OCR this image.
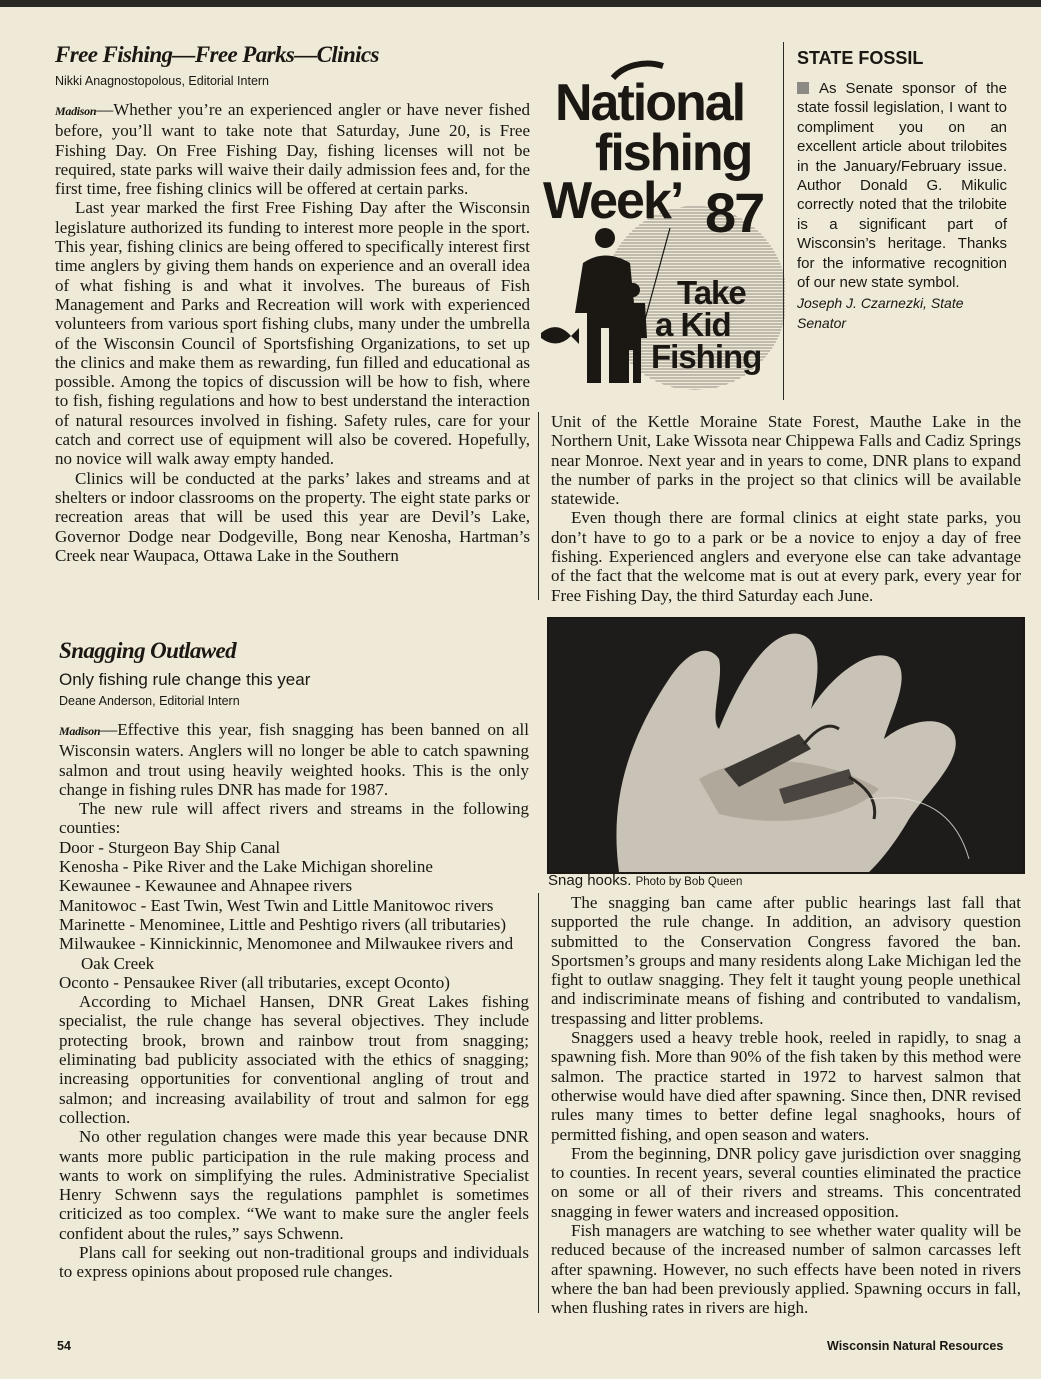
Free Fishing—Free Parks—Clinics

Nikki Anagnostopolous, Editorial Intern

Madison—Whether you’re an experienced angler or have never fished before, you’ll want to take note that Saturday, June 20, is Free Fishing Day. On Free Fishing Day, fishing licenses will not be required, state parks will waive their daily admission fees and, for the first time, free fishing clinics will be offered at certain parks.

Last year marked the first Free Fishing Day after the Wisconsin legislature authorized its funding to interest more people in the sport. This year, fishing clinics are being offered to specifically interest first time anglers by giving them hands on experience and an overall idea of what fishing is and what it involves. The bureaus of Fish Management and Parks and Recreation will work with experienced volunteers from various sport fishing clubs, many under the umbrella of the Wisconsin Council of Sportsfishing Organizations, to set up the clinics and make them as rewarding, fun filled and educational as possible. Among the topics of discussion will be how to fish, where to fish, fishing regulations and how to best understand the interaction of natural resources involved in fishing. Safety rules, care for your catch and correct use of equipment will also be covered. Hopefully, no novice will walk away empty handed.

Clinics will be conducted at the parks’ lakes and streams and at shelters or indoor classrooms on the property. The eight state parks or recreation areas that will be used this year are Devil’s Lake, Governor Dodge near Dodgeville, Bong near Kenosha, Hartman’s Creek near Waupaca, Ottawa Lake in the Southern

National
fishing
Week’ 87
Take
a Kid
Fishing
STATE FOSSIL

As Senate sponsor of the state fossil legislation, I want to compliment you on an excellent article about trilobites in the January/February issue. Author Donald G. Mikulic correctly noted that the trilobite is a significant part of Wisconsin’s heritage. Thanks for the informative recognition of our new state symbol.

Joseph J. Czarnezki, State Senator

Unit of the Kettle Moraine State Forest, Mauthe Lake in the Northern Unit, Lake Wissota near Chippewa Falls and Cadiz Springs near Monroe. Next year and in years to come, DNR plans to expand the number of parks in the project so that clinics will be available statewide.

Even though there are formal clinics at eight state parks, you don’t have to go to a park or be a novice to enjoy a day of free fishing. Experienced anglers and everyone else can take advantage of the fact that the welcome mat is out at every park, every year for Free Fishing Day, the third Saturday each June.

Snagging Outlawed

Only fishing rule change this year

Deane Anderson, Editorial Intern

Madison—Effective this year, fish snagging has been banned on all Wisconsin waters. Anglers will no longer be able to catch spawning salmon and trout using heavily weighted hooks. This is the only change in fishing rules DNR has made for 1987.

The new rule will affect rivers and streams in the following counties:

Door - Sturgeon Bay Ship Canal

Kenosha - Pike River and the Lake Michigan shoreline

Kewaunee - Kewaunee and Ahnapee rivers

Manitowoc - East Twin, West Twin and Little Manitowoc rivers

Marinette - Menominee, Little and Peshtigo rivers (all tributaries)

Milwaukee - Kinnickinnic, Menomonee and Milwaukee rivers and Oak Creek

Oconto - Pensaukee River (all tributaries, except Oconto)

According to Michael Hansen, DNR Great Lakes fishing specialist, the rule change has several objectives. They include protecting brook, brown and rainbow trout from snagging; eliminating bad publicity associated with the ethics of snagging; increasing opportunities for conventional angling of trout and salmon; and increasing availability of trout and salmon for egg collection.

No other regulation changes were made this year because DNR wants more public participation in the rule making process and wants to work on simplifying the rules. Administrative Specialist Henry Schwenn says the regulations pamphlet is sometimes criticized as too complex. “We want to make sure the angler feels confident about the rules,” says Schwenn.

Plans call for seeking out non-traditional groups and individuals to express opinions about proposed rule changes.

Snag hooks. Photo by Bob Queen

The snagging ban came after public hearings last fall that supported the rule change. In addition, an advisory question submitted to the Conservation Congress favored the ban. Sportsmen’s groups and many residents along Lake Michigan led the fight to outlaw snagging. They felt it taught young people unethical and indiscriminate means of fishing and contributed to vandalism, trespassing and litter problems.

Snaggers used a heavy treble hook, reeled in rapidly, to snag a spawning fish. More than 90% of the fish taken by this method were salmon. The practice started in 1972 to harvest salmon that otherwise would have died after spawning. Since then, DNR revised rules many times to better define legal snaghooks, hours of permitted fishing, and open season and waters.

From the beginning, DNR policy gave jurisdiction over snagging to counties. In recent years, several counties eliminated the practice on some or all of their rivers and streams. This concentrated snagging in fewer waters and increased opposition.

Fish managers are watching to see whether water quality will be reduced because of the increased number of salmon carcasses left after spawning. However, no such effects have been noted in rivers where the ban had been previously applied. Spawning occurs in fall, when flushing rates in rivers are high.

54	Wisconsin Natural Resources
